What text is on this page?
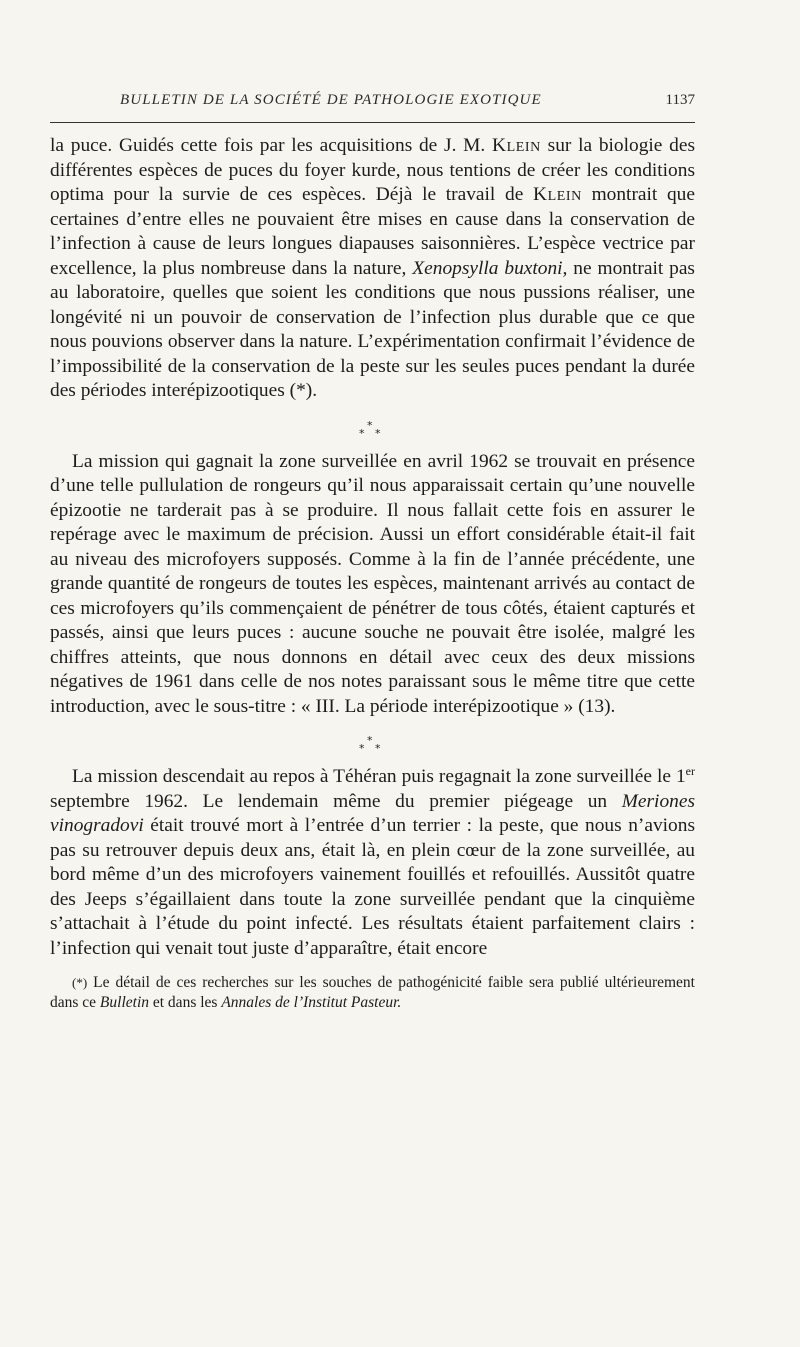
BULLETIN DE LA SOCIÉTÉ DE PATHOLOGIE EXOTIQUE	1137

la puce. Guidés cette fois par les acquisitions de J. M. Klein sur la biologie des différentes espèces de puces du foyer kurde, nous tentions de créer les conditions optima pour la survie de ces espèces. Déjà le travail de Klein montrait que certaines d’entre elles ne pouvaient être mises en cause dans la conservation de l’infection à cause de leurs longues diapauses saisonnières. L’espèce vectrice par excellence, la plus nombreuse dans la nature, Xenopsylla buxtoni, ne montrait pas au laboratoire, quelles que soient les conditions que nous pussions réaliser, une longévité ni un pouvoir de conservation de l’infection plus durable que ce que nous pouvions observer dans la nature. L’expérimentation confirmait l’évidence de l’impossibilité de la conservation de la peste sur les seules puces pendant la durée des périodes interépizootiques (*).

*
* *

La mission qui gagnait la zone surveillée en avril 1962 se trouvait en présence d’une telle pullulation de rongeurs qu’il nous apparaissait certain qu’une nouvelle épizootie ne tarderait pas à se produire. Il nous fallait cette fois en assurer le repérage avec le maximum de précision. Aussi un effort considérable était-il fait au niveau des microfoyers supposés. Comme à la fin de l’année précédente, une grande quantité de rongeurs de toutes les espèces, maintenant arrivés au contact de ces microfoyers qu’ils commençaient de pénétrer de tous côtés, étaient capturés et passés, ainsi que leurs puces : aucune souche ne pouvait être isolée, malgré les chiffres atteints, que nous donnons en détail avec ceux des deux missions négatives de 1961 dans celle de nos notes paraissant sous le même titre que cette introduction, avec le sous-titre : « III. La période interépizootique » (13).

*
* *

La mission descendait au repos à Téhéran puis regagnait la zone surveillée le 1er septembre 1962. Le lendemain même du premier piégeage un Meriones vinogradovi était trouvé mort à l’entrée d’un terrier : la peste, que nous n’avions pas su retrouver depuis deux ans, était là, en plein cœur de la zone surveillée, au bord même d’un des microfoyers vainement fouillés et refouillés. Aussitôt quatre des Jeeps s’égaillaient dans toute la zone surveillée pendant que la cinquième s’attachait à l’étude du point infecté. Les résultats étaient parfaitement clairs : l’infection qui venait tout juste d’apparaître, était encore

(*) Le détail de ces recherches sur les souches de pathogénicité faible sera publié ultérieurement dans ce Bulletin et dans les Annales de l’Institut Pasteur.
